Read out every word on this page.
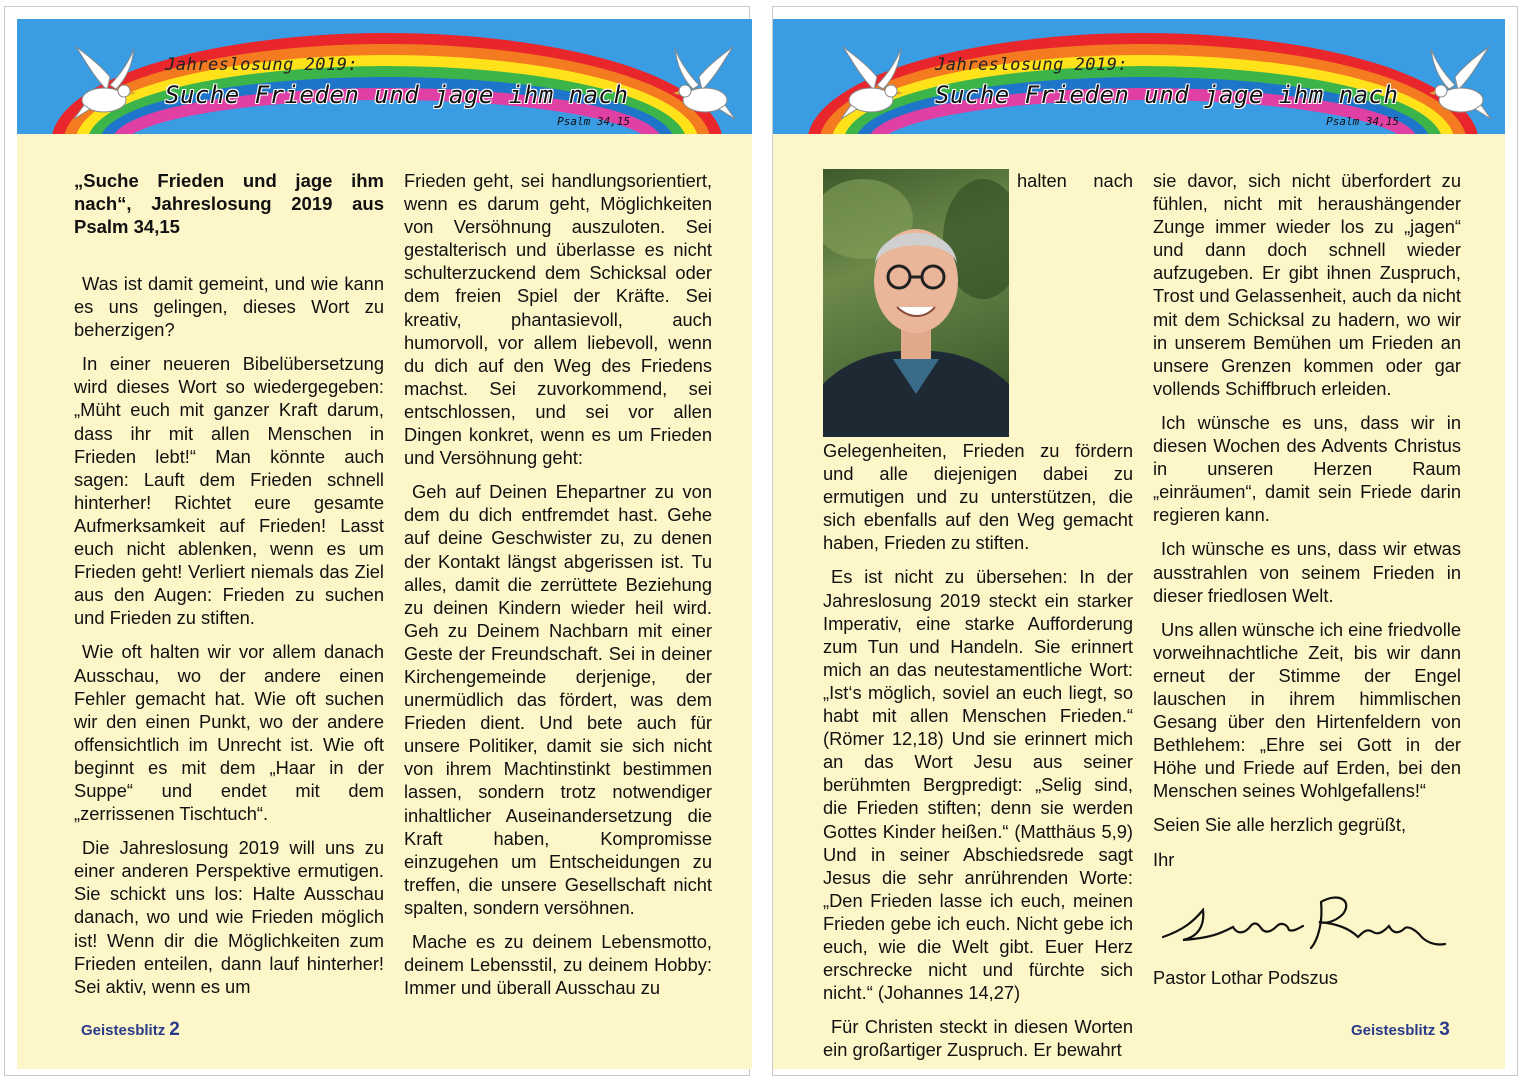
Jahreslosung 2019:
Suche Frieden und jage ihm nach
Psalm 34,15
„Suche Frieden und jage ihm nach“, Jahreslosung 2019 aus Psalm 34,15

Was ist damit gemeint, und wie kann es uns gelingen, dieses Wort zu beherzigen?

In einer neueren Bibelübersetzung wird dieses Wort so wiedergegeben: „Müht euch mit ganzer Kraft darum, dass ihr mit allen Menschen in Frieden lebt!“ Man könnte auch sagen: Lauft dem Frieden schnell hinterher! Richtet eure gesamte Aufmerksamkeit auf Frieden! Lasst euch nicht ablenken, wenn es um Frieden geht! Verliert niemals das Ziel aus den Augen: Frieden zu suchen und Frieden zu stiften.

Wie oft halten wir vor allem danach Ausschau, wo der andere einen Fehler gemacht hat. Wie oft suchen wir den einen Punkt, wo der andere offensichtlich im Unrecht ist. Wie oft beginnt es mit dem „Haar in der Suppe“ und endet mit dem „zerrissenen Tischtuch“.

Die Jahreslosung 2019 will uns zu einer anderen Perspektive ermutigen. Sie schickt uns los: Halte Ausschau danach, wo und wie Frieden möglich ist! Wenn dir die Möglichkeiten zum Frieden enteilen, dann lauf hinterher! Sei aktiv, wenn es um

Frieden geht, sei handlungsorientiert, wenn es darum geht, Möglichkeiten von Versöhnung auszuloten. Sei gestalterisch und überlasse es nicht schulterzuckend dem Schicksal oder dem freien Spiel der Kräfte. Sei kreativ, phantasievoll, auch humorvoll, vor allem liebevoll, wenn du dich auf den Weg des Friedens machst. Sei zuvorkommend, sei entschlossen, und sei vor allen Dingen konkret, wenn es um Frieden und Versöhnung geht:

Geh auf Deinen Ehepartner zu von dem du dich entfremdet hast. Gehe auf deine Geschwister zu, zu denen der Kontakt längst abgerissen ist. Tu alles, damit die zerrüttete Beziehung zu deinen Kindern wieder heil wird. Geh zu Deinem Nachbarn mit einer Geste der Freundschaft. Sei in deiner Kirchengemeinde derjenige, der unermüdlich das fördert, was dem Frieden dient. Und bete auch für unsere Politiker, damit sie sich nicht von ihrem Machtinstinkt bestimmen lassen, sondern trotz notwendiger inhaltlicher Auseinandersetzung die Kraft haben, Kompromisse einzugehen um Entscheidungen zu treffen, die unsere Gesellschaft nicht spalten, sondern versöhnen.

Mache es zu deinem Lebensmotto, deinem Lebensstil, zu deinem Hobby: Immer und überall Ausschau zu

Geistesblitz 2
Jahreslosung 2019:
Suche Frieden und jage ihm nach
Psalm 34,15

halten nach Gelegenheiten, Frieden zu fördern und alle diejenigen dabei zu ermutigen und zu unterstützen, die sich ebenfalls auf den Weg gemacht haben, Frieden zu stiften.

Es ist nicht zu übersehen: In der Jahreslosung 2019 steckt ein starker Imperativ, eine starke Aufforderung zum Tun und Handeln. Sie erinnert mich an das neutestamentliche Wort: „Ist‘s möglich, soviel an euch liegt, so habt mit allen Menschen Frieden.“ (Römer 12,18) Und sie erinnert mich an das Wort Jesu aus seiner berühmten Bergpredigt: „Selig sind, die Frieden stiften; denn sie werden Gottes Kinder heißen.“ (Matthäus 5,9) Und in seiner Abschiedsrede sagt Jesus die sehr anrührenden Worte: „Den Frieden lasse ich euch, meinen Frieden gebe ich euch. Nicht gebe ich euch, wie die Welt gibt. Euer Herz erschrecke nicht und fürchte sich nicht.“ (Johannes 14,27)

Für Christen steckt in diesen Worten ein großartiger Zuspruch. Er bewahrt

sie davor, sich nicht überfordert zu fühlen, nicht mit heraushängender Zunge immer wieder los zu „jagen“ und dann doch schnell wieder aufzugeben. Er gibt ihnen Zuspruch, Trost und Gelassenheit, auch da nicht mit dem Schicksal zu hadern, wo wir in unserem Bemühen um Frieden an unsere Grenzen kommen oder gar vollends Schiffbruch erleiden.

Ich wünsche es uns, dass wir in diesen Wochen des Advents Christus in unseren Herzen Raum „einräumen“, damit sein Friede darin regieren kann.

Ich wünsche es uns, dass wir etwas ausstrahlen von seinem Frieden in dieser friedlosen Welt.

Uns allen wünsche ich eine friedvolle vorweihnachtliche Zeit, bis wir dann erneut der Stimme der Engel lauschen in ihrem himmlischen Gesang über den Hirtenfeldern von Bethlehem: „Ehre sei Gott in der Höhe und Friede auf Erden, bei den Menschen seines Wohlgefallens!“

Seien Sie alle herzlich gegrüßt,

Ihr

Pastor Lothar Podszus

Geistesblitz 3
